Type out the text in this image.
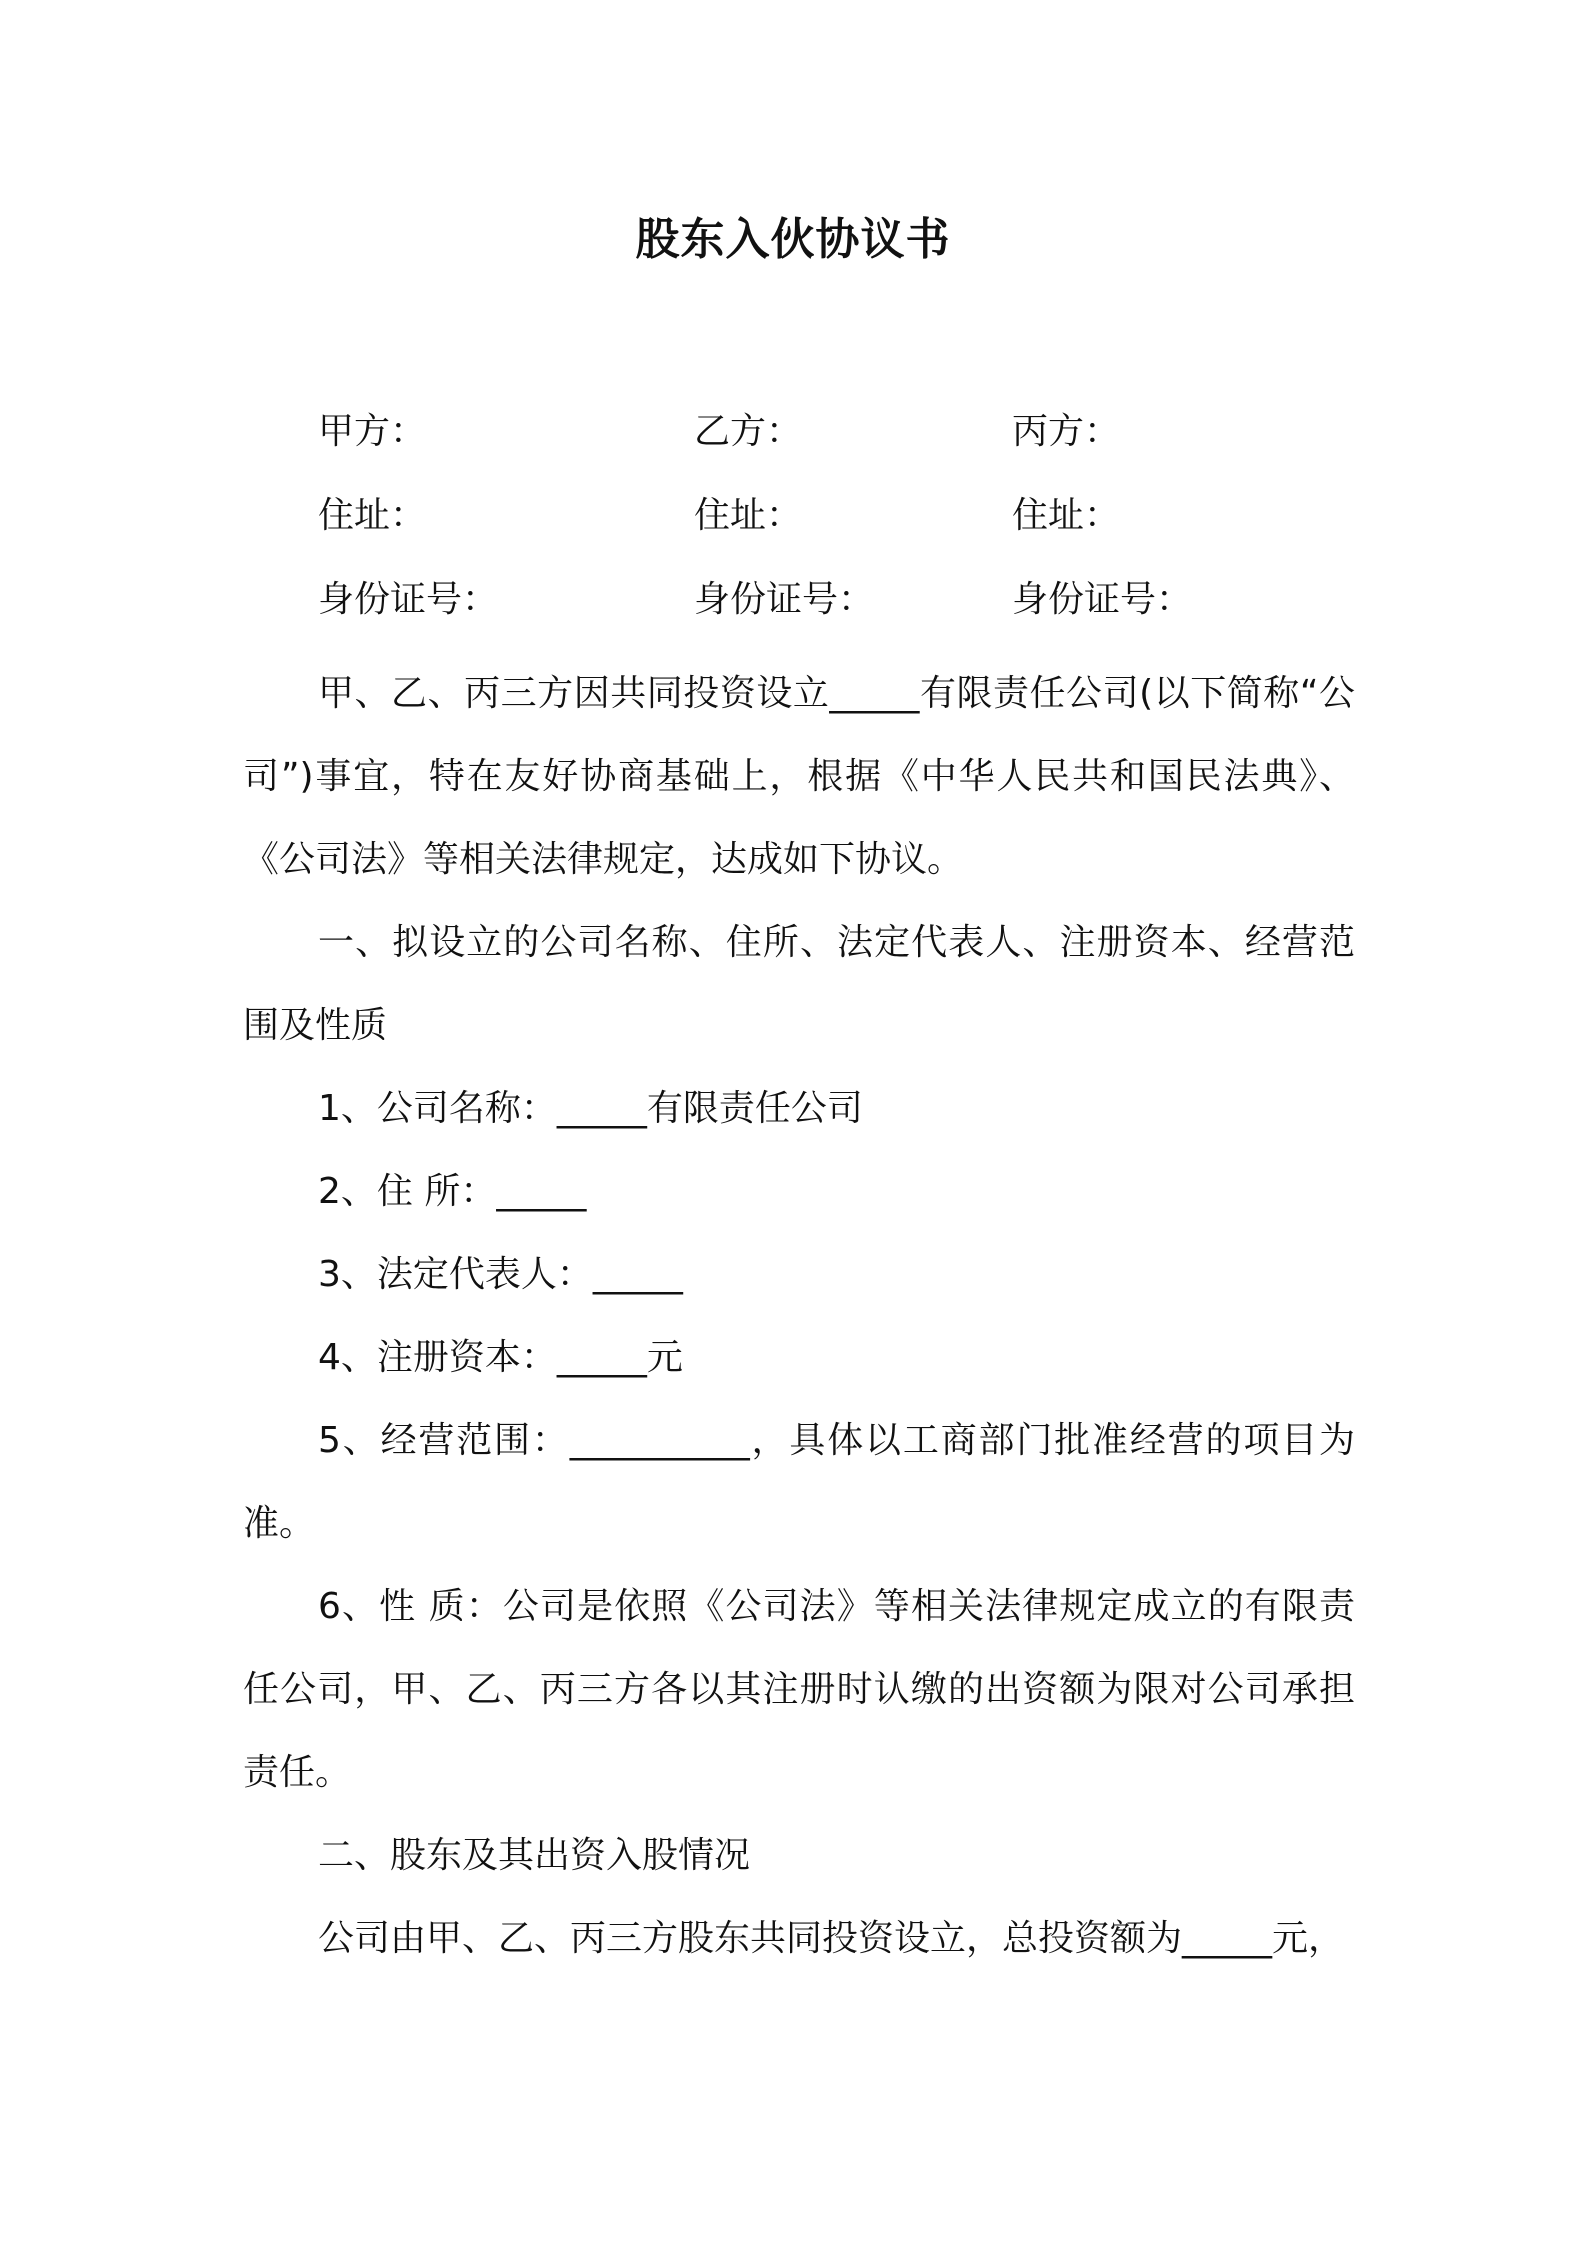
股东入伙协议书
甲方：	乙方：	丙方：
住址：	住址：	住址：
身份证号：	身份证号：	身份证号：

甲、乙、丙三方因共同投资设立_____有限责任公司(以下简称“公司”)事宜，特在友好协商基础上，根据《中华人民共和国民法典》、《公司法》等相关法律规定，达成如下协议。

一、拟设立的公司名称、住所、法定代表人、注册资本、经营范围及性质

1、公司名称：_____有限责任公司

2、住 所：_____

3、法定代表人：_____

4、注册资本：_____元

5、经营范围：__________，具体以工商部门批准经营的项目为准。

6、性 质：公司是依照《公司法》等相关法律规定成立的有限责任公司，甲、乙、丙三方各以其注册时认缴的出资额为限对公司承担责任。

二、股东及其出资入股情况

公司由甲、乙、丙三方股东共同投资设立，总投资额为_____元，
